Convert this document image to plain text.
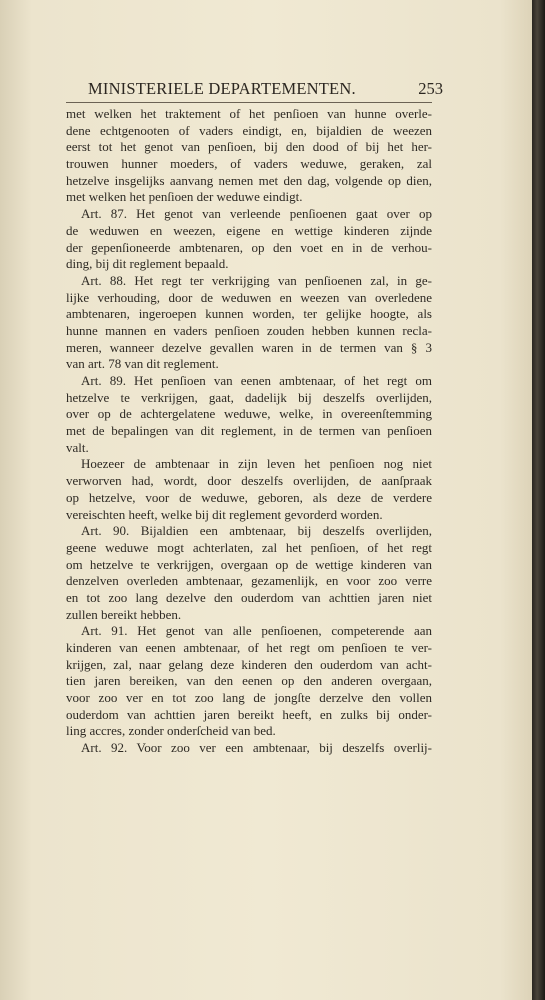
MINISTERIELE DEPARTEMENTEN.	253
met welken het traktement of het penſioen van hunne overle-
dene echtgenooten of vaders eindigt, en, bijaldien de weezen
eerst tot het genot van penſioen, bij den dood of bij het her-
trouwen hunner moeders, of vaders weduwe, geraken, zal
hetzelve insgelijks aanvang nemen met den dag, volgende op dien,
met welken het penſioen der weduwe eindigt.
Art. 87. Het genot van verleende penſioenen gaat over op
de weduwen en weezen, eigene en wettige kinderen zijnde
der gepenſioneerde ambtenaren, op den voet en in de verhou-
ding, bij dit reglement bepaald.
Art. 88. Het regt ter verkrijging van penſioenen zal, in ge-
lijke verhouding, door de weduwen en weezen van overledene
ambtenaren, ingeroepen kunnen worden, ter gelijke hoogte, als
hunne mannen en vaders penſioen zouden hebben kunnen recla-
meren, wanneer dezelve gevallen waren in de termen van § 3
van art. 78 van dit reglement.
Art. 89. Het penſioen van eenen ambtenaar, of het regt om
hetzelve te verkrijgen, gaat, dadelijk bij deszelfs overlijden,
over op de achtergelatene weduwe, welke, in overeenſtemming
met de bepalingen van dit reglement, in de termen van penſioen
valt.
Hoezeer de ambtenaar in zijn leven het penſioen nog niet
verworven had, wordt, door deszelfs overlijden, de aanſpraak
op hetzelve, voor de weduwe, geboren, als deze de verdere
vereischten heeft, welke bij dit reglement gevorderd worden.
Art. 90. Bijaldien een ambtenaar, bij deszelfs overlijden,
geene weduwe mogt achterlaten, zal het penſioen, of het regt
om hetzelve te verkrijgen, overgaan op de wettige kinderen van
denzelven overleden ambtenaar, gezamenlijk, en voor zoo verre
en tot zoo lang dezelve den ouderdom van achttien jaren niet
zullen bereikt hebben.
Art. 91. Het genot van alle penſioenen, competerende aan
kinderen van eenen ambtenaar, of het regt om penſioen te ver-
krijgen, zal, naar gelang deze kinderen den ouderdom van acht-
tien jaren bereiken, van den eenen op den anderen overgaan,
voor zoo ver en tot zoo lang de jongſte derzelve den vollen
ouderdom van achttien jaren bereikt heeft, en zulks bij onder-
ling accres, zonder onderſcheid van bed.
Art. 92. Voor zoo ver een ambtenaar, bij deszelfs overlij-
